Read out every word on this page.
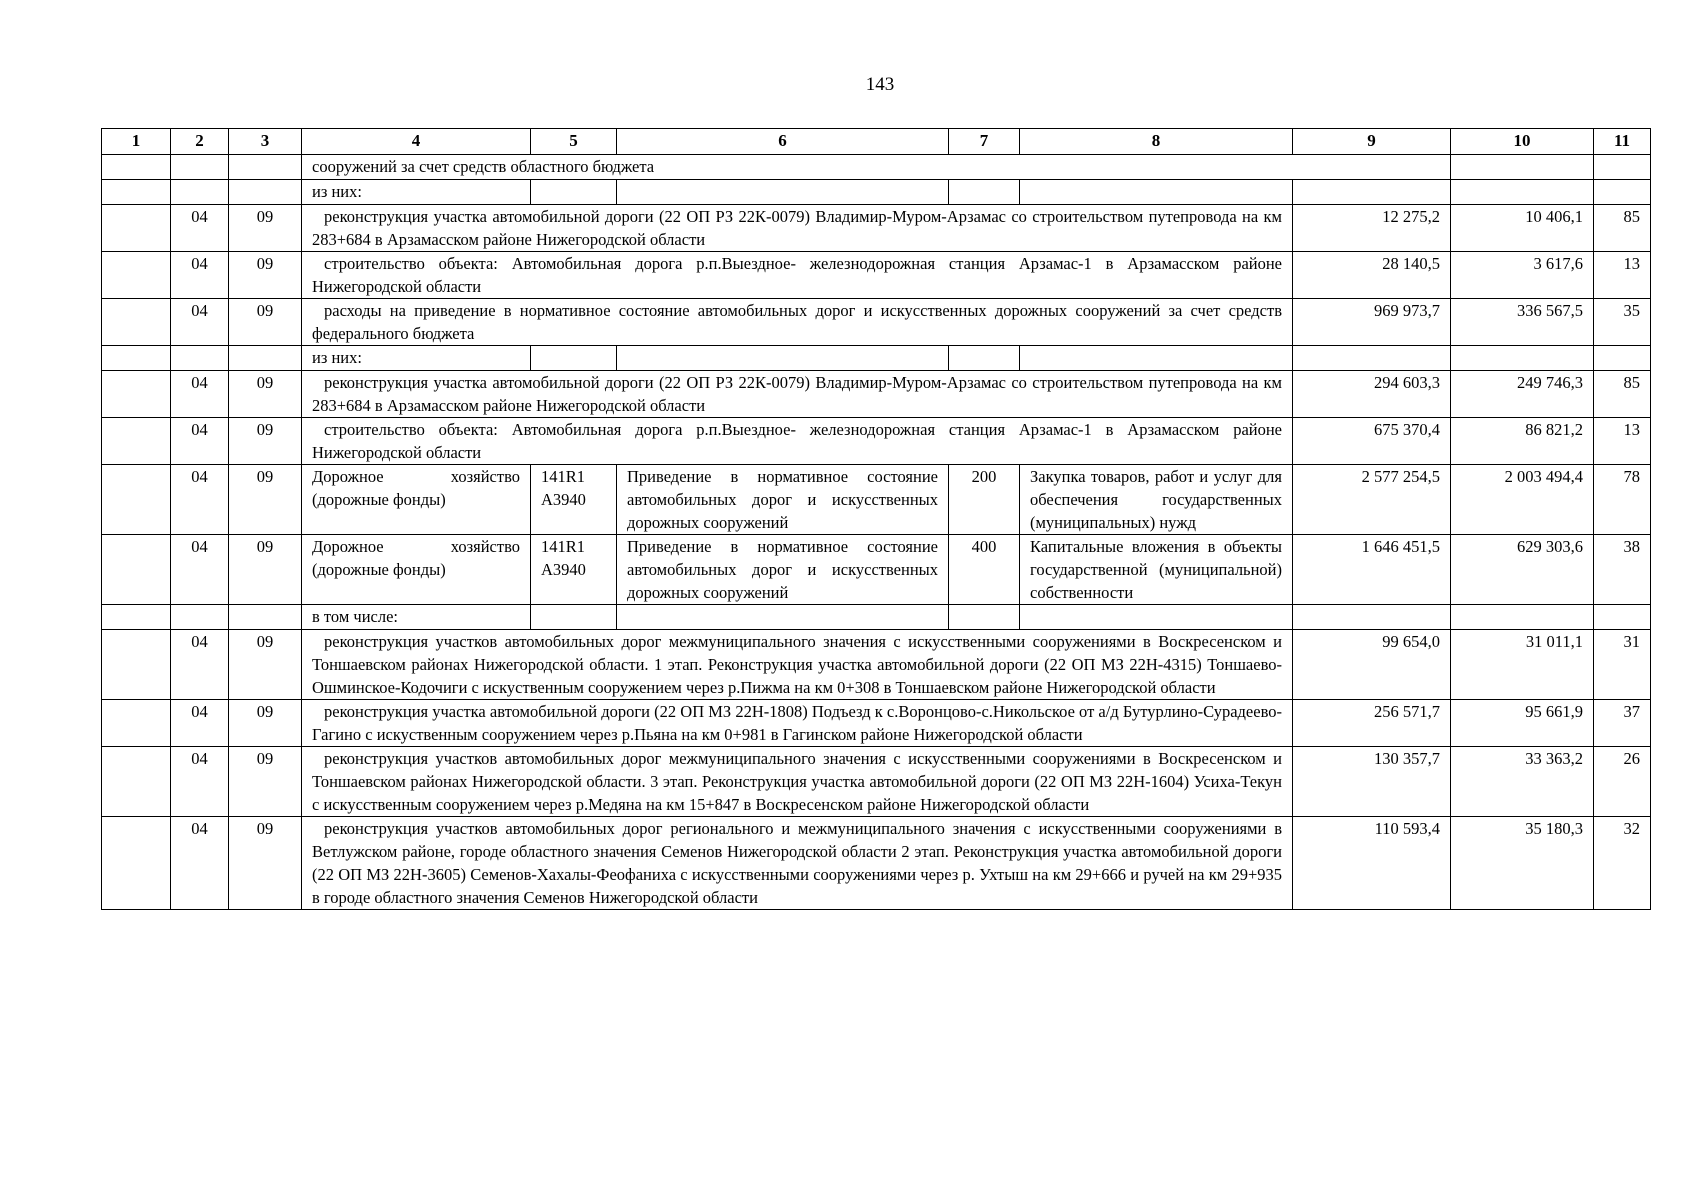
143
1	2	3	4	5	6	7	8	9	10	11	
			сооружений за счет средств областного бюджета								
			из них:								
	04	09	реконструкция участка автомобильной дороги (22 ОП РЗ 22К-0079) Владимир-Муром-Арзамас со строительством путепровода на км 283+684 в Арзамасском районе Нижегородской области					12 275,2	10 406,1	85	
	04	09	строительство объекта: Автомобильная дорога р.п.Выездное- железнодорожная станция Арзамас-1 в Арзамасском районе Нижегородской области					28 140,5	3 617,6	13	
	04	09	расходы на приведение в нормативное состояние автомобильных дорог и искусственных дорожных сооружений за счет средств федерального бюджета					969 973,7	336 567,5	35	
			из них:								
	04	09	реконструкция участка автомобильной дороги (22 ОП РЗ 22К-0079) Владимир-Муром-Арзамас со строительством путепровода на км 283+684 в Арзамасском районе Нижегородской области					294 603,3	249 746,3	85	
	04	09	строительство объекта: Автомобильная дорога р.п.Выездное- железнодорожная станция Арзамас-1 в Арзамасском районе Нижегородской области					675 370,4	86 821,2	13	
	04	09	Дорожное хозяйство (дорожные фонды)	141R1 А3940	Приведение в нормативное состояние автомобильных дорог и искусственных дорожных сооружений	200	Закупка товаров, работ и услуг для обеспечения государственных (муниципальных) нужд	2 577 254,5	2 003 494,4	78	
	04	09	Дорожное хозяйство (дорожные фонды)	141R1 А3940	Приведение в нормативное состояние автомобильных дорог и искусственных дорожных сооружений	400	Капитальные вложения в объекты государственной (муниципальной) собственности	1 646 451,5	629 303,6	38	
			в том числе:								
	04	09	реконструкция участков автомобильных дорог межмуниципального значения с искусственными сооружениями в Воскресенском и Тоншаевском районах Нижегородской области. 1 этап. Реконструкция участка автомобильной дороги (22 ОП МЗ 22Н-4315) Тоншаево-Ошминское-Кодочиги с искуственным сооружением через р.Пижма на км 0+308 в Тоншаевском районе Нижегородской области					99 654,0	31 011,1	31	
	04	09	реконструкция участка автомобильной дороги (22 ОП МЗ 22Н-1808) Подъезд к с.Воронцово-с.Никольское от а/д Бутурлино-Сурадеево-Гагино с искуственным сооружением через р.Пьяна на км 0+981 в Гагинском районе Нижегородской области					256 571,7	95 661,9	37	
	04	09	реконструкция участков автомобильных дорог межмуниципального значения с искусственными сооружениями в Воскресенском и Тоншаевском районах Нижегородской области. 3 этап. Реконструкция участка автомобильной дороги (22 ОП МЗ 22Н-1604) Усиха-Текун с искусственным сооружением через р.Медяна на км 15+847 в Воскресенском районе Нижегородской области					130 357,7	33 363,2	26	
	04	09	реконструкция участков автомобильных дорог регионального и межмуниципального значения с искусственными сооружениями в Ветлужском районе, городе областного значения Семенов Нижегородской области 2 этап. Реконструкция участка автомобильной дороги (22 ОП МЗ 22Н-3605) Семенов-Хахалы-Феофаниха с искусственными сооружениями через р. Ухтыш на км 29+666 и ручей на км 29+935 в городе областного значения Семенов Нижегородской области					110 593,4	35 180,3	32	
